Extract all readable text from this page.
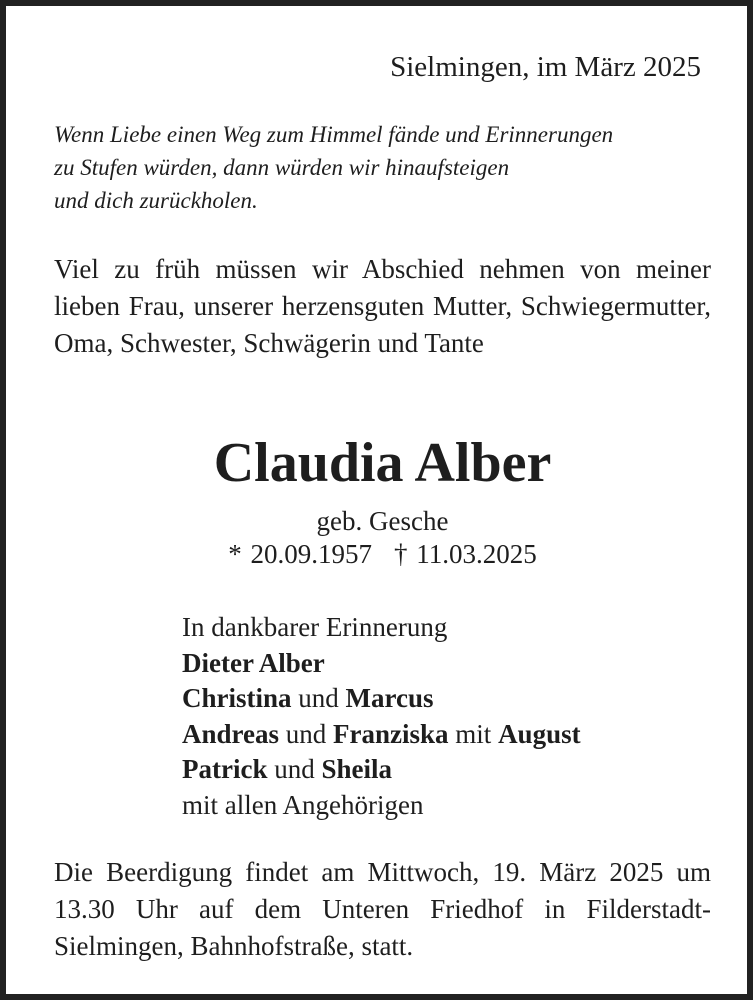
Sielmingen, im März 2025
Wenn Liebe einen Weg zum Himmel fände und Erinnerungen
zu Stufen würden, dann würden wir hinaufsteigen
und dich zurückholen.
Viel zu früh müssen wir Abschied nehmen von meiner lieben Frau, unserer herzensguten Mutter, Schwiegermutter, Oma, Schwester, Schwägerin und Tante
Claudia Alber
geb. Gesche
* 20.09.1957 † 11.03.2025
In dankbarer Erinnerung
Dieter Alber
Christina und Marcus
Andreas und Franziska mit August
Patrick und Sheila
mit allen Angehörigen
Die Beerdigung findet am Mittwoch, 19. März 2025 um 13.30 Uhr auf dem Unteren Friedhof in Filderstadt-Sielmingen, Bahnhofstraße, statt.
